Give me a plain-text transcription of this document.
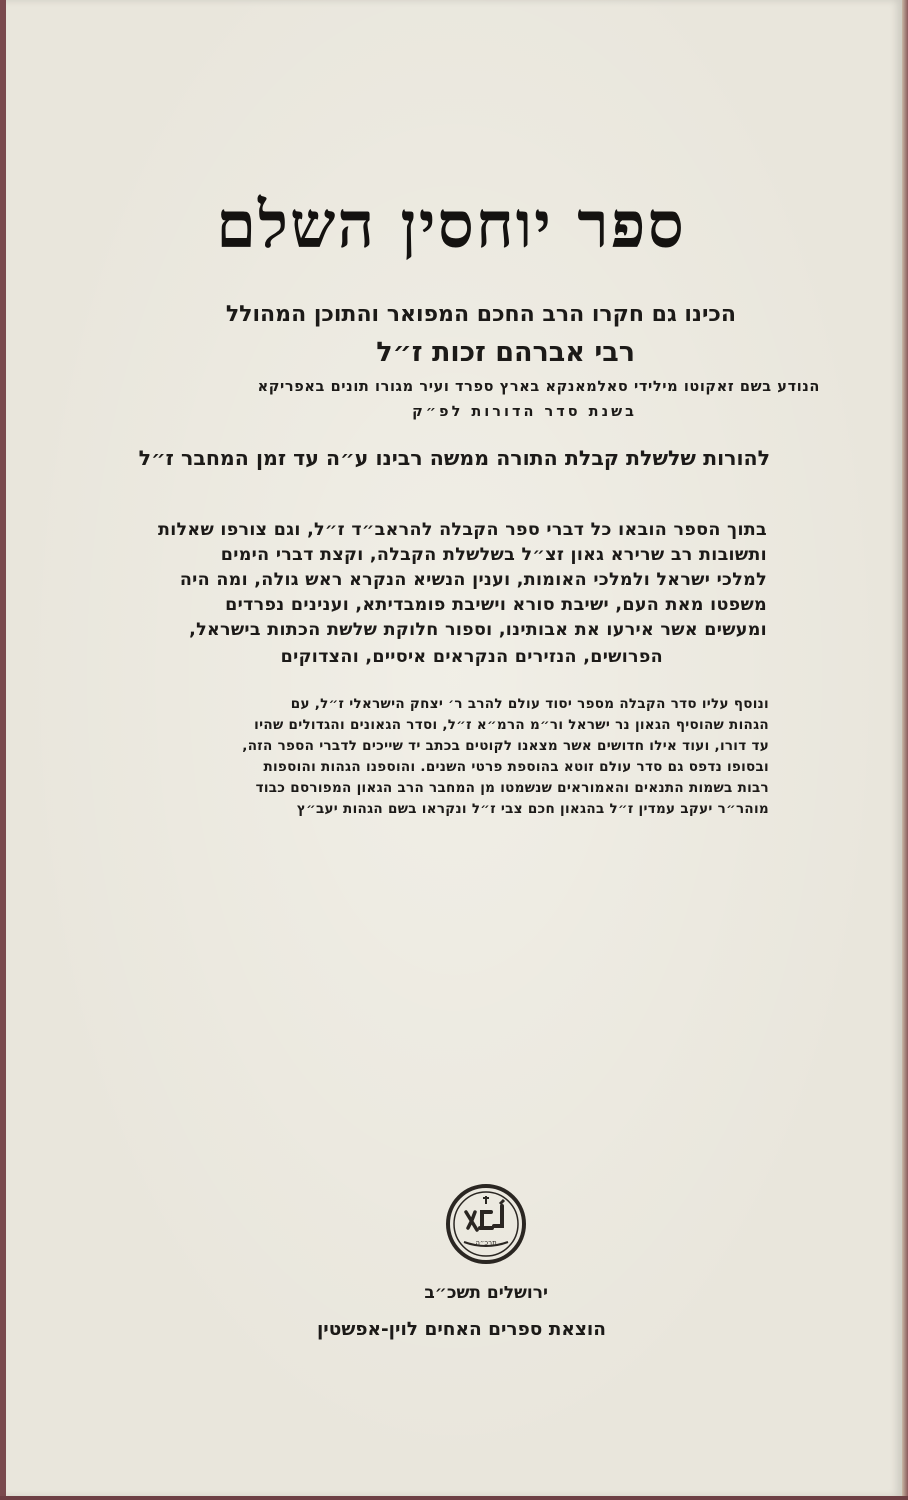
ספר יוחסין השלם

הכינו גם חקרו הרב החכם המפואר והתוכן המהולל

רבי אברהם זכות ז״ל

הנודע בשם זאקוטו מילידי סאלמאנקא בארץ ספרד ועיר מגורו תונים באפריקא

בשנת סדר הדורות לפ״ק

להורות שלשלת קבלת התורה ממשה רבינו ע״ה עד זמן המחבר ז״ל

בתוך הספר הובאו כל דברי ספר הקבלה להראב״ד ז״ל, וגם צורפו שאלות

ותשובות רב שרירא גאון זצ״ל בשלשלת הקבלה, וקצת דברי הימים

למלכי ישראל ולמלכי האומות, וענין הנשיא הנקרא ראש גולה, ומה היה

משפטו מאת העם, ישיבת סורא וישיבת פומבדיתא, וענינים נפרדים

ומעשים אשר אירעו את אבותינו, וספור חלוקת שלשת הכתות בישראל,

הפרושים, הנזירים הנקראים איסיים, והצדוקים

ונוסף עליו סדר הקבלה מספר יסוד עולם להרב ר׳ יצחק הישראלי ז״ל, עם

הגהות שהוסיף הגאון נר ישראל ור״מ הרמ״א ז״ל, וסדר הגאונים והגדולים שהיו

עד דורו, ועוד אילו חדושים אשר מצאנו לקוטים בכתב יד שייכים לדברי הספר הזה,

ובסופו נדפס גם סדר עולם זוטא בהוספת פרטי השנים. והוספנו הגהות והוספות

רבות בשמות התנאים והאמוראים שנשמטו מן המחבר הרב הגאון המפורסם כבוד

מוהר״ר יעקב עמדין ז״ל בהגאון חכם צבי ז״ל ונקראו בשם הגהות יעב״ץ

תרכ״ה

ירושלים תשכ״ב

הוצאת ספרים האחים לוין-אפשטין
